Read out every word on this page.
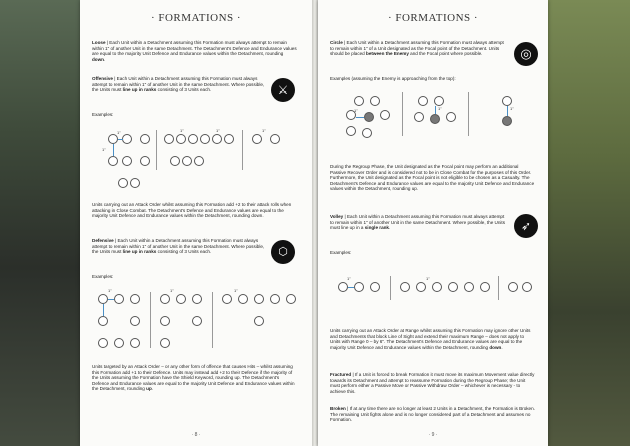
· FORMATIONS ·
Loose | Each Unit within a Detachment assuming this Formation must always attempt to remain within 1" of another Unit in the same Detachment. The Detachment's Defence and Endurance values are equal to the majority Unit Defence and Endurance values within the Detachment, rounding down.
Offensive | Each Unit within a Detachment assuming this Formation must always attempt to remain within 1" of another Unit in the same Detachment. Where possible, the Units must line up in ranks consisting of 3 Units each.	⚔
Examples:
1"
1"
1"	1"	1"
Units carrying out an Attack Order whilst assuming this Formation add +2 to their attack rolls when attacking in Close Combat. The Detachment's Defence and Endurance values are equal to the majority Unit Defence and Endurance values within the Detachment, rounding down.
Defensive | Each Unit within a Detachment assuming this Formation must always attempt to remain within 1" of another Unit in the same Detachment. Where possible, the Units must line up in ranks consisting of 3 Units each.	⬡
Examples:
1"	1"	1"
Units targeted by an Attack Order – or any other form of offence that causes Hits – whilst assuming this Formation add +1 to their Defence. Units may instead add +2 to their Defence if the majority of the Units assuming the Formation have the Shield Keyword, rounding up. The Detachment's Defence and Endurance values are equal to the majority Unit Defence and Endurance values within the Detachment, rounding up.
· 8 ·
· FORMATIONS ·
Circle | Each Unit within a Detachment assuming this Formation must always attempt to remain within 1" of a Unit designated as the Focal point of the Detachment. Units should be placed between the Enemy and the Focal point where possible.	◎
Examples (assuming the Enemy is approaching from the top):
1"	1"	1"
During the Regroup Phase, the Unit designated as the Focal point may perform an additional Passive Recover Order and is considered not to be in Close Combat for the purposes of this Order. Furthermore, the Unit designated as the Focal point is not eligible to be chosen as a Casualty. The Detachment's Defence and Endurance values are equal to the majority Unit Defence and Endurance values within the Detachment, rounding up.
Volley | Each Unit within a Detachment assuming this Formation must always attempt to remain within 1" of another Unit in the same Detachment. Where possible, the Units must line up in a single rank.	➶
Examples:
1"	1"
Units carrying out an Attack Order at Range whilst assuming this Formation may ignore other Units and Detachments that block Line of Sight and extend their maximum Range – does not apply to Units with Range 0 – by 6". The Detachment's Defence and Endurance values are equal to the majority Unit Defence and Endurance values within the Detachment, rounding down.
Fractured | If a Unit is forced to break Formation it must move its maximum Movement value directly towards its Detachment and attempt to reassume Formation during the Regroup Phase; the Unit must perform either a Passive Move or Passive Withdraw Order – whichever is necessary - to achieve this.
Broken | If at any time there are no longer at least 2 Units in a Detachment, the Formation is Broken. The remaining Unit fights alone and is no longer considered part of a Detachment and assumes no Formation.
· 9 ·
